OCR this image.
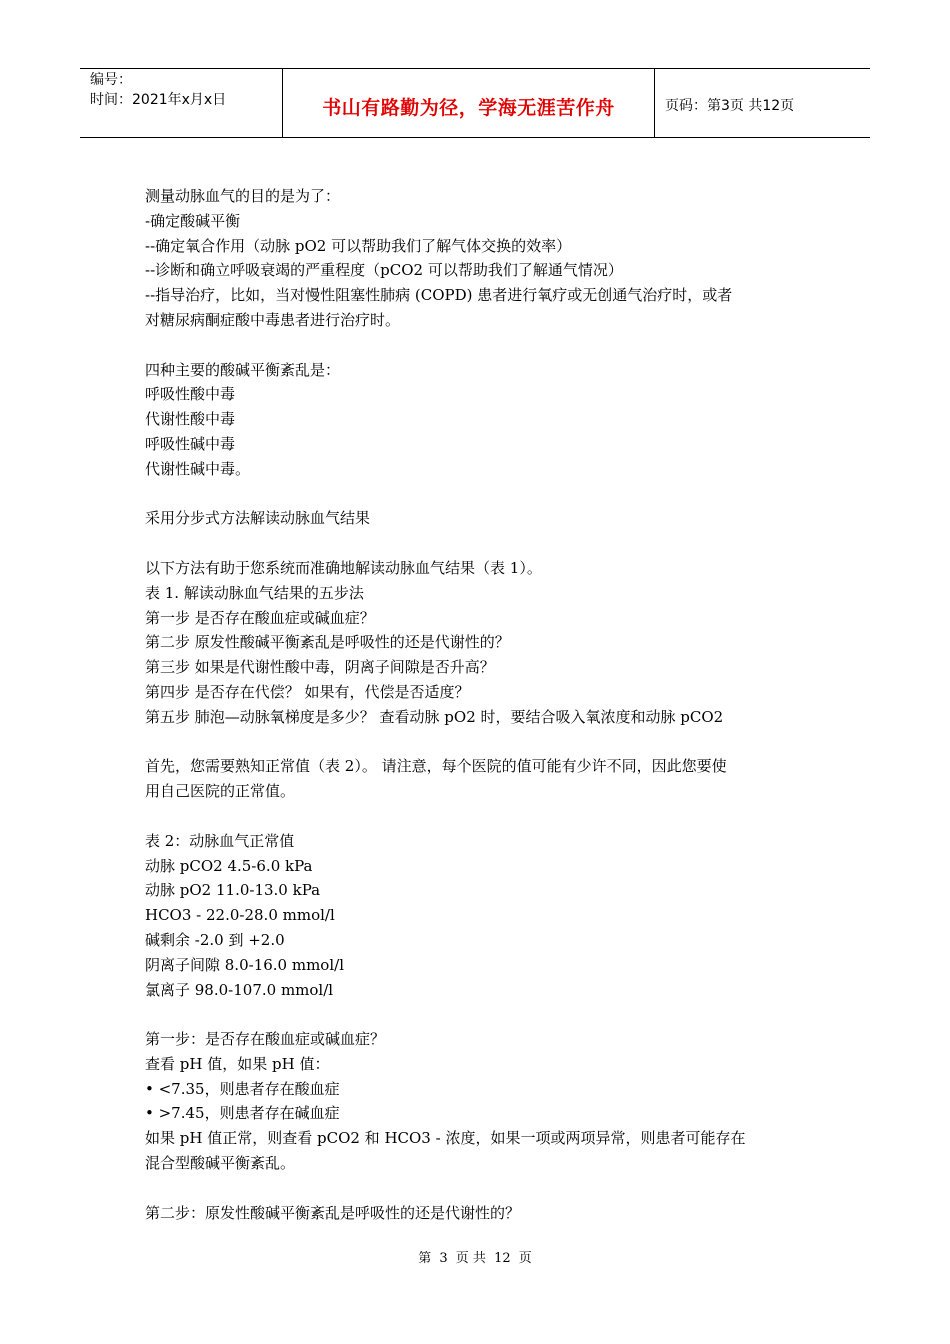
编号：
时间：2021年x月x日	书山有路勤为径，学海无涯苦作舟	页码：第3页 共12页
测量动脉血气的目的是为了：
-确定酸碱平衡
--确定氧合作用（动脉 pO2 可以帮助我们了解气体交换的效率）
--诊断和确立呼吸衰竭的严重程度（pCO2 可以帮助我们了解通气情况）
--指导治疗，比如，当对慢性阻塞性肺病 (COPD) 患者进行氧疗或无创通气治疗时，或者
对糖尿病酮症酸中毒患者进行治疗时。
四种主要的酸碱平衡紊乱是：
呼吸性酸中毒
代谢性酸中毒
呼吸性碱中毒
代谢性碱中毒。
采用分步式方法解读动脉血气结果
以下方法有助于您系统而准确地解读动脉血气结果（表 1）。
表 1. 解读动脉血气结果的五步法
第一步 是否存在酸血症或碱血症？
第二步 原发性酸碱平衡紊乱是呼吸性的还是代谢性的？
第三步 如果是代谢性酸中毒，阴离子间隙是否升高？
第四步 是否存在代偿？ 如果有，代偿是否适度？
第五步 肺泡—动脉氧梯度是多少？ 查看动脉 pO2 时，要结合吸入氧浓度和动脉 pCO2
首先，您需要熟知正常值（表 2）。 请注意，每个医院的值可能有少许不同，因此您要使
用自己医院的正常值。
表 2：动脉血气正常值
动脉 pCO2 4.5-6.0 kPa
动脉 pO2 11.0-13.0 kPa
HCO3 - 22.0-28.0 mmol/l
碱剩余 -2.0 到 +2.0
阴离子间隙 8.0-16.0 mmol/l
氯离子 98.0-107.0 mmol/l
第一步：是否存在酸血症或碱血症？
查看 pH 值，如果 pH 值：
• <7.35，则患者存在酸血症
• >7.45，则患者存在碱血症
如果 pH 值正常，则查看 pCO2 和 HCO3 - 浓度，如果一项或两项异常，则患者可能存在
混合型酸碱平衡紊乱。
第二步：原发性酸碱平衡紊乱是呼吸性的还是代谢性的？
第 3 页 共 12 页
